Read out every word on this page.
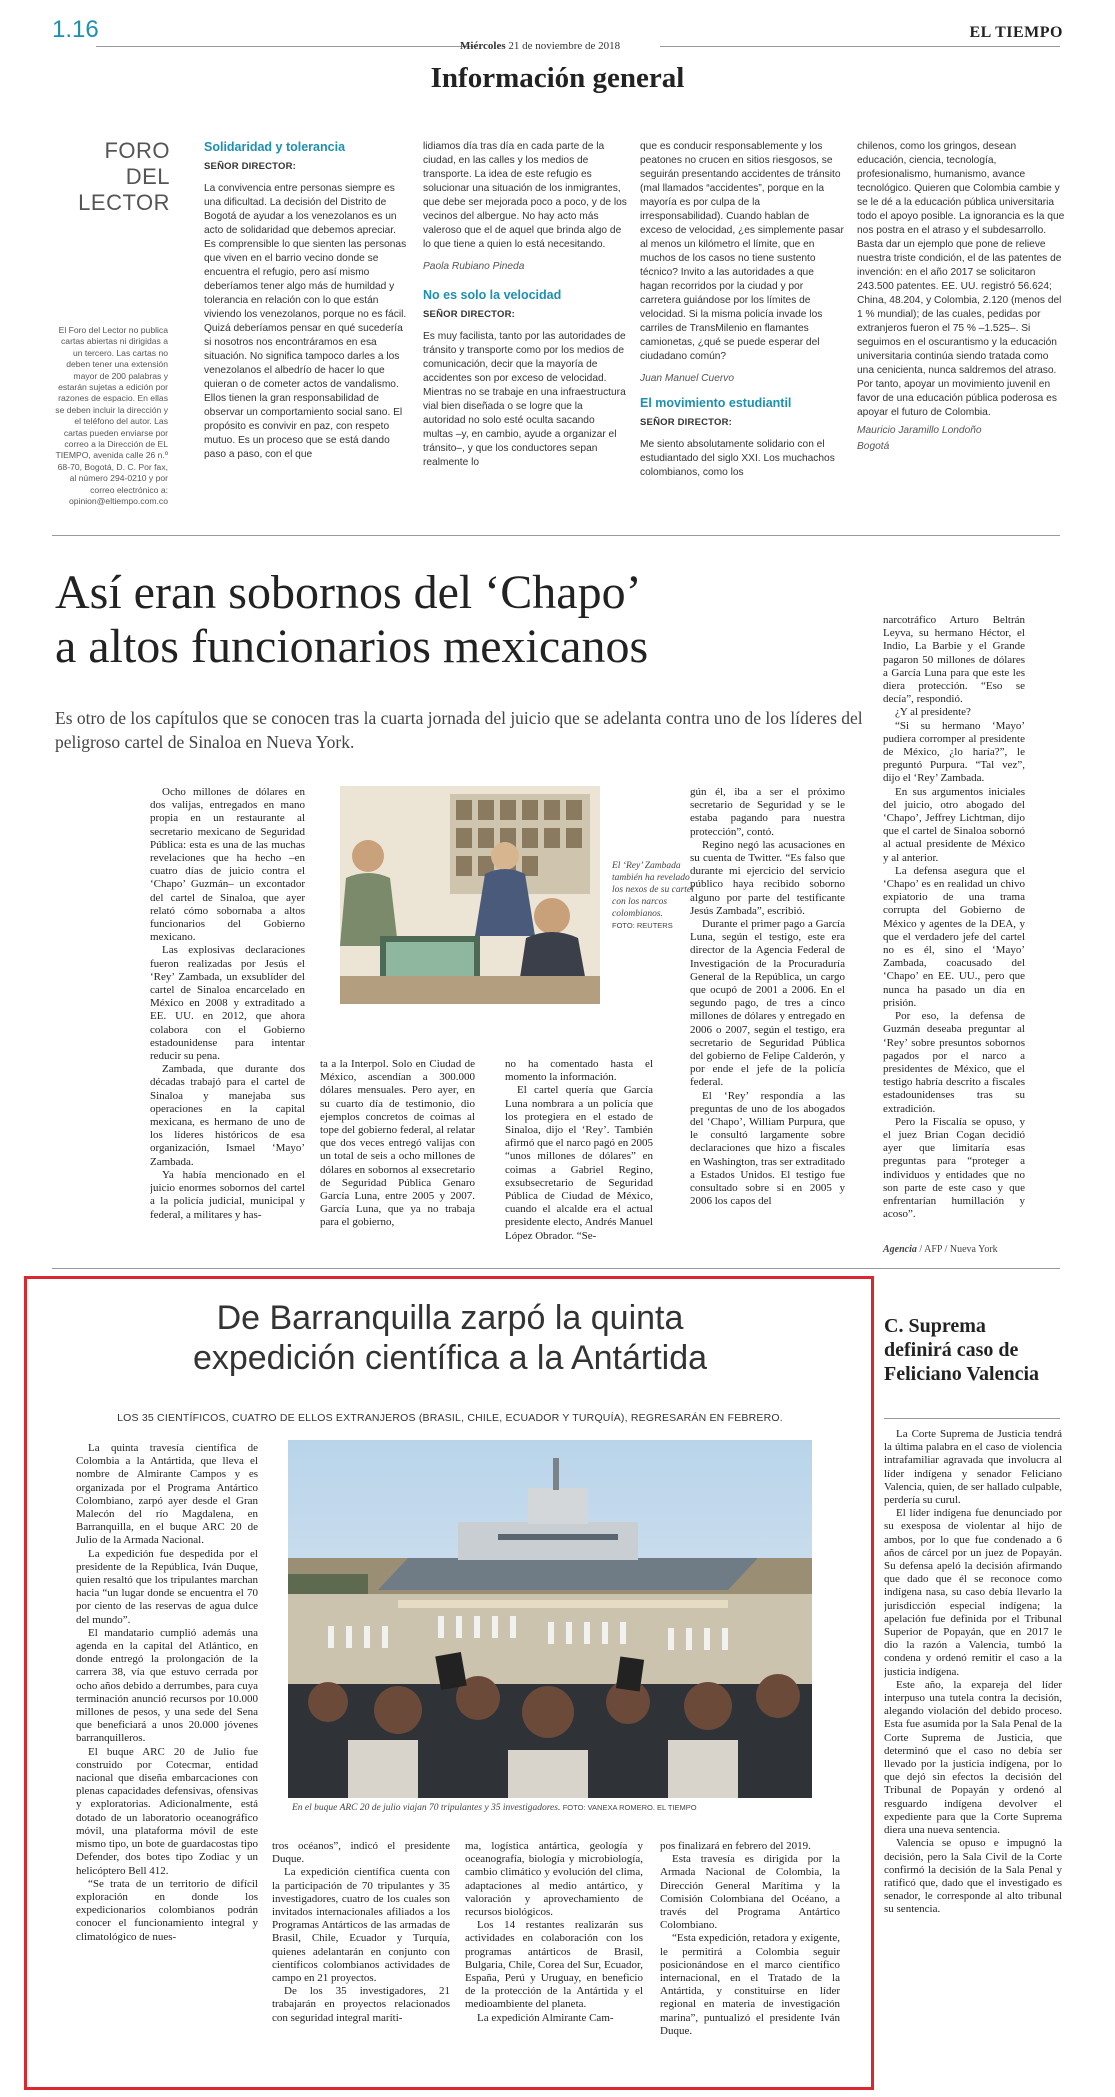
1.16
Miércoles 21 de noviembre de 2018
EL TIEMPO
Información general
FORO DEL
LECTOR
El Foro del Lector no publica cartas abiertas ni dirigidas a un tercero. Las cartas no deben tener una extensión mayor de 200 palabras y estarán sujetas a edición por razones de espacio. En ellas se deben incluir la dirección y el teléfono del autor. Las cartas pueden enviarse por correo a la Dirección de EL TIEMPO, avenida calle 26 n.º 68-70, Bogotá, D. C. Por fax, al número 294-0210 y por correo electrónico a: opinion@eltiempo.com.co
Solidaridad y tolerancia
SEÑOR DIRECTOR:

La convivencia entre personas siempre es una dificultad. La decisión del Distrito de Bogotá de ayudar a los venezolanos es un acto de solidaridad que debemos apreciar. Es comprensible lo que sienten las personas que viven en el barrio vecino donde se encuentra el refugio, pero así mismo deberíamos tener algo más de humildad y tolerancia en relación con lo que están viviendo los venezolanos, porque no es fácil. Quizá deberíamos pensar en qué sucedería si nosotros nos encontráramos en esa situación. No significa tampoco darles a los venezolanos el albedrío de hacer lo que quieran o de cometer actos de vandalismo. Ellos tienen la gran responsabilidad de observar un comportamiento social sano. El propósito es convivir en paz, con respeto mutuo. Es un proceso que se está dando paso a paso, con el que

lidiamos día tras día en cada parte de la ciudad, en las calles y los medios de transporte. La idea de este refugio es solucionar una situación de los inmigrantes, que debe ser mejorada poco a poco, y de los vecinos del albergue. No hay acto más valeroso que el de aquel que brinda algo de lo que tiene a quien lo está necesitando.

Paola Rubiano Pineda
No es solo la velocidad
SEÑOR DIRECTOR:

Es muy facilista, tanto por las autoridades de tránsito y transporte como por los medios de comunicación, decir que la mayoría de accidentes son por exceso de velocidad. Mientras no se trabaje en una infraestructura vial bien diseñada o se logre que la autoridad no solo esté oculta sacando multas –y, en cambio, ayude a organizar el tránsito–, y que los conductores sepan realmente lo

que es conducir responsablemente y los peatones no crucen en sitios riesgosos, se seguirán presentando accidentes de tránsito (mal llamados “accidentes”, porque en la mayoría es por culpa de la irresponsabilidad). Cuando hablan de exceso de velocidad, ¿es simplemente pasar al menos un kilómetro el límite, que en muchos de los casos no tiene sustento técnico? Invito a las autoridades a que hagan recorridos por la ciudad y por carretera guiándose por los límites de velocidad. Si la misma policía invade los carriles de TransMilenio en flamantes camionetas, ¿qué se puede esperar del ciudadano común?

Juan Manuel Cuervo
El movimiento estudiantil
SEÑOR DIRECTOR:

Me siento absolutamente solidario con el estudiantado del siglo XXI. Los muchachos colombianos, como los

chilenos, como los gringos, desean educación, ciencia, tecnología, profesionalismo, humanismo, avance tecnológico. Quieren que Colombia cambie y se le dé a la educación pública universitaria todo el apoyo posible. La ignorancia es la que nos postra en el atraso y el subdesarrollo. Basta dar un ejemplo que pone de relieve nuestra triste condición, el de las patentes de invención: en el año 2017 se solicitaron 243.500 patentes. EE. UU. registró 56.624; China, 48.204, y Colombia, 2.120 (menos del 1 % mundial); de las cuales, pedidas por extranjeros fueron el 75 % –1.525–. Si seguimos en el oscurantismo y la educación universitaria continúa siendo tratada como una cenicienta, nunca saldremos del atraso. Por tanto, apoyar un movimiento juvenil en favor de una educación pública poderosa es apoyar el futuro de Colombia.

Mauricio Jaramillo Londoño
Bogotá
Así eran sobornos del ‘Chapo’
a altos funcionarios mexicanos
Es otro de los capítulos que se conocen tras la cuarta jornada del juicio que se adelanta contra uno de los líderes del peligroso cartel de Sinaloa en Nueva York.
El ‘Rey’ Zambada también ha revelado los nexos de su cartel con los narcos colombianos.
FOTO: REUTERS

Ocho millones de dólares en dos valijas, entregados en mano propia en un restaurante al secretario mexicano de Seguridad Pública: esta es una de las muchas revelaciones que ha hecho –en cuatro días de juicio contra el ‘Chapo’ Guzmán– un excontador del cartel de Sinaloa, que ayer relató cómo sobornaba a altos funcionarios del Gobierno mexicano.

Las explosivas declaraciones fueron realizadas por Jesús el ‘Rey’ Zambada, un exsublíder del cartel de Sinaloa encarcelado en México en 2008 y extraditado a EE. UU. en 2012, que ahora colabora con el Gobierno estadounidense para intentar reducir su pena.

Zambada, que durante dos décadas trabajó para el cartel de Sinaloa y manejaba sus operaciones en la capital mexicana, es hermano de uno de los líderes históricos de esa organización, Ismael ‘Mayo’ Zambada.

Ya había mencionado en el juicio enormes sobornos del cartel a la policía judicial, municipal y federal, a militares y has-

ta a la Interpol. Solo en Ciudad de México, ascendían a 300.000 dólares mensuales. Pero ayer, en su cuarto día de testimonio, dio ejemplos concretos de coimas al tope del gobierno federal, al relatar que dos veces entregó valijas con un total de seis a ocho millones de dólares en sobornos al exsecretario de Seguridad Pública Genaro García Luna, entre 2005 y 2007. García Luna, que ya no trabaja para el gobierno,

no ha comentado hasta el momento la información.

El cartel quería que García Luna nombrara a un policía que los protegiera en el estado de Sinaloa, dijo el ‘Rey’. También afirmó que el narco pagó en 2005 “unos millones de dólares” en coimas a Gabriel Regino, exsubsecretario de Seguridad Pública de Ciudad de México, cuando el alcalde era el actual presidente electo, Andrés Manuel López Obrador. “Se-

gún él, iba a ser el próximo secretario de Seguridad y se le estaba pagando para nuestra protección”, contó.

Regino negó las acusaciones en su cuenta de Twitter. “Es falso que durante mi ejercicio del servicio público haya recibido soborno alguno por parte del testificante Jesús Zambada”, escribió.

Durante el primer pago a García Luna, según el testigo, este era director de la Agencia Federal de Investigación de la Procuraduría General de la República, un cargo que ocupó de 2001 a 2006. En el segundo pago, de tres a cinco millones de dólares y entregado en 2006 o 2007, según el testigo, era secretario de Seguridad Pública del gobierno de Felipe Calderón, y por ende el jefe de la policía federal.

El ‘Rey’ respondía a las preguntas de uno de los abogados del ‘Chapo’, William Purpura, que le consultó largamente sobre declaraciones que hizo a fiscales en Washington, tras ser extraditado a Estados Unidos. El testigo fue consultado sobre si en 2005 y 2006 los capos del

narcotráfico Arturo Beltrán Leyva, su hermano Héctor, el Indio, La Barbie y el Grande pagaron 50 millones de dólares a García Luna para que este les diera protección. “Eso se decía”, respondió.

¿Y al presidente?

“Si su hermano ‘Mayo’ pudiera corromper al presidente de México, ¿lo haría?”, le preguntó Purpura. “Tal vez”, dijo el ‘Rey’ Zambada.

En sus argumentos iniciales del juicio, otro abogado del ‘Chapo’, Jeffrey Lichtman, dijo que el cartel de Sinaloa sobornó al actual presidente de México y al anterior.

La defensa asegura que el ‘Chapo’ es en realidad un chivo expiatorio de una trama corrupta del Gobierno de México y agentes de la DEA, y que el verdadero jefe del cartel no es él, sino el ‘Mayo’ Zambada, coacusado del ‘Chapo’ en EE. UU., pero que nunca ha pasado un día en prisión.

Por eso, la defensa de Guzmán deseaba preguntar al ‘Rey’ sobre presuntos sobornos pagados por el narco a presidentes de México, que el testigo habría descrito a fiscales estadounidenses tras su extradición.

Pero la Fiscalía se opuso, y el juez Brian Cogan decidió ayer que limitaría esas preguntas para “proteger a individuos y entidades que no son parte de este caso y que enfrentarían humillación y acoso”.

Agencia / AFP / Nueva York
De Barranquilla zarpó la quinta
expedición científica a la Antártida
LOS 35 CIENTÍFICOS, CUATRO DE ELLOS EXTRANJEROS (BRASIL, CHILE, ECUADOR Y TURQUÍA), REGRESARÁN EN FEBRERO.
En el buque ARC 20 de julio viajan 70 tripulantes y 35 investigadores. FOTO: VANEXA ROMERO. EL TIEMPO

La quinta travesía científica de Colombia a la Antártida, que lleva el nombre de Almirante Campos y es organizada por el Programa Antártico Colombiano, zarpó ayer desde el Gran Malecón del río Magdalena, en Barranquilla, en el buque ARC 20 de Julio de la Armada Nacional.

La expedición fue despedida por el presidente de la República, Iván Duque, quien resaltó que los tripulantes marchan hacia “un lugar donde se encuentra el 70 por ciento de las reservas de agua dulce del mundo”.

El mandatario cumplió además una agenda en la capital del Atlántico, en donde entregó la prolongación de la carrera 38, vía que estuvo cerrada por ocho años debido a derrumbes, para cuya terminación anunció recursos por 10.000 millones de pesos, y una sede del Sena que beneficiará a unos 20.000 jóvenes barranquilleros.

El buque ARC 20 de Julio fue construido por Cotecmar, entidad nacional que diseña embarcaciones con plenas capacidades defensivas, ofensivas y exploratorias. Adicionalmente, está dotado de un laboratorio oceanográfico móvil, una plataforma móvil de este mismo tipo, un bote de guardacostas tipo Defender, dos botes tipo Zodiac y un helicóptero Bell 412.

“Se trata de un territorio de difícil exploración en donde los expedicionarios colombianos podrán conocer el funcionamiento integral y climatológico de nues-

tros océanos”, indicó el presidente Duque.

La expedición científica cuenta con la participación de 70 tripulantes y 35 investigadores, cuatro de los cuales son invitados internacionales afiliados a los Programas Antárticos de las armadas de Brasil, Chile, Ecuador y Turquía, quienes adelantarán en conjunto con científicos colombianos actividades de campo en 21 proyectos.

De los 35 investigadores, 21 trabajarán en proyectos relacionados con seguridad integral maríti-

ma, logística antártica, geología y oceanografía, biología y microbiología, cambio climático y evolución del clima, adaptaciones al medio antártico, y valoración y aprovechamiento de recursos biológicos.

Los 14 restantes realizarán sus actividades en colaboración con los programas antárticos de Brasil, Bulgaria, Chile, Corea del Sur, Ecuador, España, Perú y Uruguay, en beneficio de la protección de la Antártida y el medioambiente del planeta.

La expedición Almirante Cam-

pos finalizará en febrero del 2019.

Esta travesía es dirigida por la Armada Nacional de Colombia, la Dirección General Marítima y la Comisión Colombiana del Océano, a través del Programa Antártico Colombiano.

“Esta expedición, retadora y exigente, le permitirá a Colombia seguir posicionándose en el marco científico internacional, en el Tratado de la Antártida, y constituirse en líder regional en materia de investigación marina”, puntualizó el presidente Iván Duque.

C. Suprema definirá caso de Feliciano Valencia

La Corte Suprema de Justicia tendrá la última palabra en el caso de violencia intrafamiliar agravada que involucra al líder indígena y senador Feliciano Valencia, quien, de ser hallado culpable, perdería su curul.

El líder indígena fue denunciado por su exesposa de violentar al hijo de ambos, por lo que fue condenado a 6 años de cárcel por un juez de Popayán. Su defensa apeló la decisión afirmando que dado que él se reconoce como indígena nasa, su caso debía llevarlo la jurisdicción especial indígena; la apelación fue definida por el Tribunal Superior de Popayán, que en 2017 le dio la razón a Valencia, tumbó la condena y ordenó remitir el caso a la justicia indígena.

Este año, la expareja del líder interpuso una tutela contra la decisión, alegando violación del debido proceso. Esta fue asumida por la Sala Penal de la Corte Suprema de Justicia, que determinó que el caso no debía ser llevado por la justicia indígena, por lo que dejó sin efectos la decisión del Tribunal de Popayán y ordenó al resguardo indígena devolver el expediente para que la Corte Suprema diera una nueva sentencia.

Valencia se opuso e impugnó la decisión, pero la Sala Civil de la Corte confirmó la decisión de la Sala Penal y ratificó que, dado que el investigado es senador, le corresponde al alto tribunal su sentencia.
